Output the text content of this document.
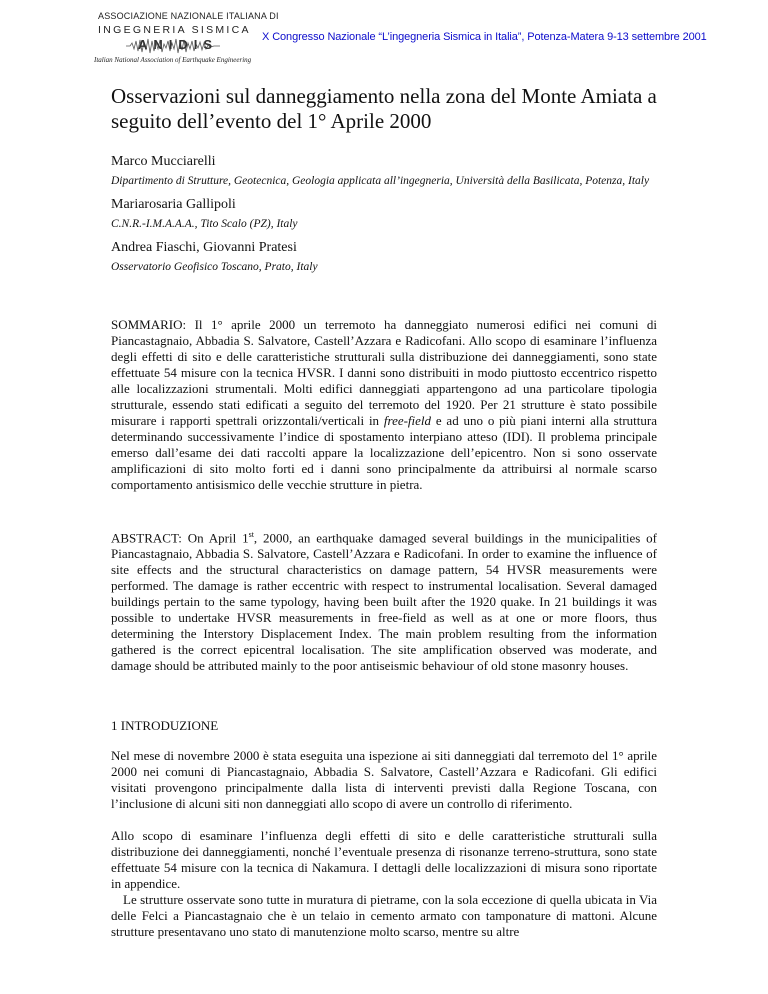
ASSOCIAZIONE NAZIONALE ITALIANA DI
INGEGNERIA SISMICA
ANIDIS
Italian National Association of Earthquake Engineering
X Congresso Nazionale “L’ingegneria Sismica in Italia”, Potenza-Matera 9-13 settembre 2001
Osservazioni sul danneggiamento nella zona del Monte Amiata a seguito dell’evento del 1° Aprile 2000
Marco Mucciarelli
Dipartimento di Strutture, Geotecnica, Geologia applicata all’ingegneria, Università della Basilicata, Potenza, Italy
Mariarosaria Gallipoli
C.N.R.-I.M.A.A.A., Tito Scalo (PZ), Italy
Andrea Fiaschi, Giovanni Pratesi
Osservatorio Geofisico Toscano, Prato, Italy

SOMMARIO: Il 1° aprile 2000 un terremoto ha danneggiato numerosi edifici nei comuni di Piancastagnaio, Abbadia S. Salvatore, Castell’Azzara e Radicofani. Allo scopo di esaminare l’influenza degli effetti di sito e delle caratteristiche strutturali sulla distribuzione dei danneggiamenti, sono state effettuate 54 misure con la tecnica HVSR. I danni sono distribuiti in modo piuttosto eccentrico rispetto alle localizzazioni strumentali. Molti edifici danneggiati appartengono ad una particolare tipologia strutturale, essendo stati edificati a seguito del terremoto del 1920. Per 21 strutture è stato possibile misurare i rapporti spettrali orizzontali/verticali in free-field e ad uno o più piani interni alla struttura determinando successivamente l’indice di spostamento interpiano atteso (IDI). Il problema principale emerso dall’esame dei dati raccolti appare la localizzazione dell’epicentro. Non si sono osservate amplificazioni di sito molto forti ed i danni sono principalmente da attribuirsi al normale scarso comportamento antisismico delle vecchie strutture in pietra.

ABSTRACT: On April 1st, 2000, an earthquake damaged several buildings in the municipalities of Piancastagnaio, Abbadia S. Salvatore, Castell’Azzara e Radicofani. In order to examine the influence of site effects and the structural characteristics on damage pattern, 54 HVSR measurements were performed. The damage is rather eccentric with respect to instrumental localisation. Several damaged buildings pertain to the same typology, having been built after the 1920 quake. In 21 buildings it was possible to undertake HVSR measurements in free-field as well as at one or more floors, thus determining the Interstory Displacement Index. The main problem resulting from the information gathered is the correct epicentral localisation. The site amplification observed was moderate, and damage should be attributed mainly to the poor antiseismic behaviour of old stone masonry houses.

1 INTRODUZIONE

Nel mese di novembre 2000 è stata eseguita una ispezione ai siti danneggiati dal terremoto del 1° aprile 2000 nei comuni di Piancastagnaio, Abbadia S. Salvatore, Castell’Azzara e Radicofani. Gli edifici visitati provengono principalmente dalla lista di interventi previsti dalla Regione Toscana, con l’inclusione di alcuni siti non danneggiati allo scopo di avere un controllo di riferimento.

Allo scopo di esaminare l’influenza degli effetti di sito e delle caratteristiche strutturali sulla distribuzione dei danneggiamenti, nonché l’eventuale presenza di risonanze terreno-struttura, sono state effettuate 54 misure con la tecnica di Nakamura. I dettagli delle localizzazioni di misura sono riportate in appendice.

Le strutture osservate sono tutte in muratura di pietrame, con la sola eccezione di quella ubicata in Via delle Felci a Piancastagnaio che è un telaio in cemento armato con tamponature di mattoni. Alcune strutture presentavano uno stato di manutenzione molto scarso, mentre su altre
